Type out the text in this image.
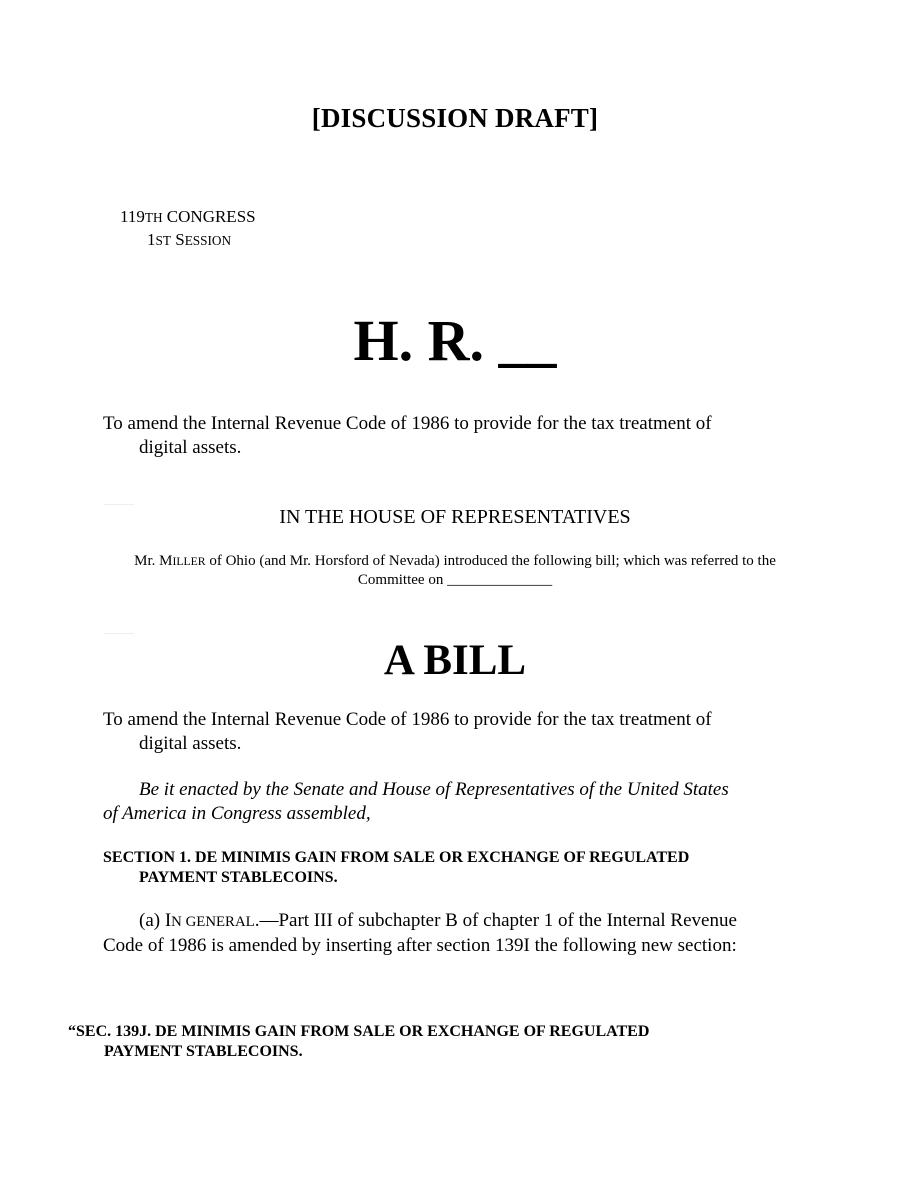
[DISCUSSION DRAFT]
119TH CONGRESS
1ST SESSION
H. R. __
To amend the Internal Revenue Code of 1986 to provide for the tax treatment of
digital assets.
IN THE HOUSE OF REPRESENTATIVES
Mr. MILLER of Ohio (and Mr. Horsford of Nevada) introduced the following bill; which was referred to the
Committee on ______________
A BILL
To amend the Internal Revenue Code of 1986 to provide for the tax treatment of
digital assets.
Be it enacted by the Senate and House of Representatives of the United States
of America in Congress assembled,
SECTION 1. DE MINIMIS GAIN FROM SALE OR EXCHANGE OF REGULATED
PAYMENT STABLECOINS.
(a) IN GENERAL.—Part III of subchapter B of chapter 1 of the Internal Revenue
Code of 1986 is amended by inserting after section 139I the following new section:
“SEC. 139J. DE MINIMIS GAIN FROM SALE OR EXCHANGE OF REGULATED
PAYMENT STABLECOINS.
